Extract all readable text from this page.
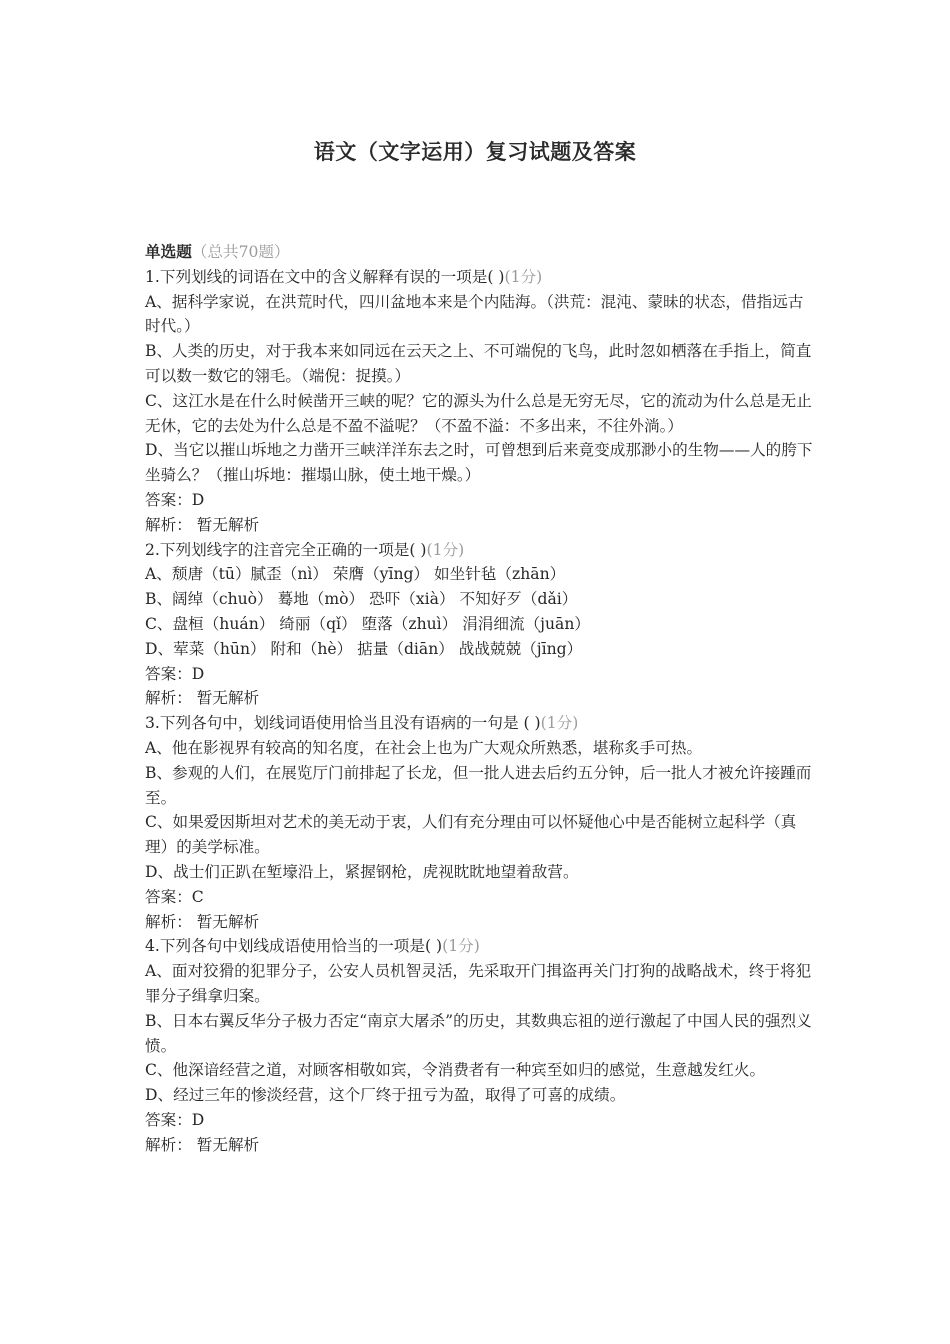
语文（文字运用）复习试题及答案

单选题（总共70题）

1.下列划线的词语在文中的含义解释有误的一项是( )(1分)

A、据科学家说，在洪荒时代，四川盆地本来是个内陆海。（洪荒：混沌、蒙昧的状态，借指远古时代。）

B、人类的历史，对于我本来如同远在云天之上、不可端倪的飞鸟，此时忽如栖落在手指上，简直可以数一数它的翎毛。（端倪：捉摸。）

C、这江水是在什么时候凿开三峡的呢？它的源头为什么总是无穷无尽，它的流动为什么总是无止无休，它的去处为什么总是不盈不溢呢？（不盈不溢：不多出来，不往外淌。）

D、当它以摧山坼地之力凿开三峡洋洋东去之时，可曾想到后来竟变成那渺小的生物——人的胯下坐骑么？（摧山坼地：摧塌山脉，使土地干燥。）

答案：D

解析： 暂无解析

2.下列划线字的注音完全正确的一项是( )(1分)

A、颓唐（tū）腻歪（nì） 荣膺（yīng） 如坐针毡（zhān）

B、阔绰（chuò） 蓦地（mò） 恐吓（xià） 不知好歹（dǎi）

C、盘桓（huán） 绮丽（qǐ） 堕落（zhuì） 涓涓细流（juān）

D、荤菜（hūn） 附和（hè） 掂量（diān） 战战兢兢（jīng）

答案：D

解析： 暂无解析

3.下列各句中，划线词语使用恰当且没有语病的一句是 ( )(1分)

A、他在影视界有较高的知名度，在社会上也为广大观众所熟悉，堪称炙手可热。

B、参观的人们，在展览厅门前排起了长龙，但一批人进去后约五分钟，后一批人才被允许接踵而至。

C、如果爱因斯坦对艺术的美无动于衷，人们有充分理由可以怀疑他心中是否能树立起科学（真理）的美学标准。

D、战士们正趴在堑壕沿上，紧握钢枪，虎视眈眈地望着敌营。

答案：C

解析： 暂无解析

4.下列各句中划线成语使用恰当的一项是( )(1分)

A、面对狡猾的犯罪分子，公安人员机智灵活，先采取开门揖盗再关门打狗的战略战术，终于将犯罪分子缉拿归案。

B、日本右翼反华分子极力否定“南京大屠杀”的历史，其数典忘祖的逆行激起了中国人民的强烈义愤。

C、他深谙经营之道，对顾客相敬如宾，令消费者有一种宾至如归的感觉，生意越发红火。

D、经过三年的惨淡经营，这个厂终于扭亏为盈，取得了可喜的成绩。

答案：D

解析： 暂无解析
